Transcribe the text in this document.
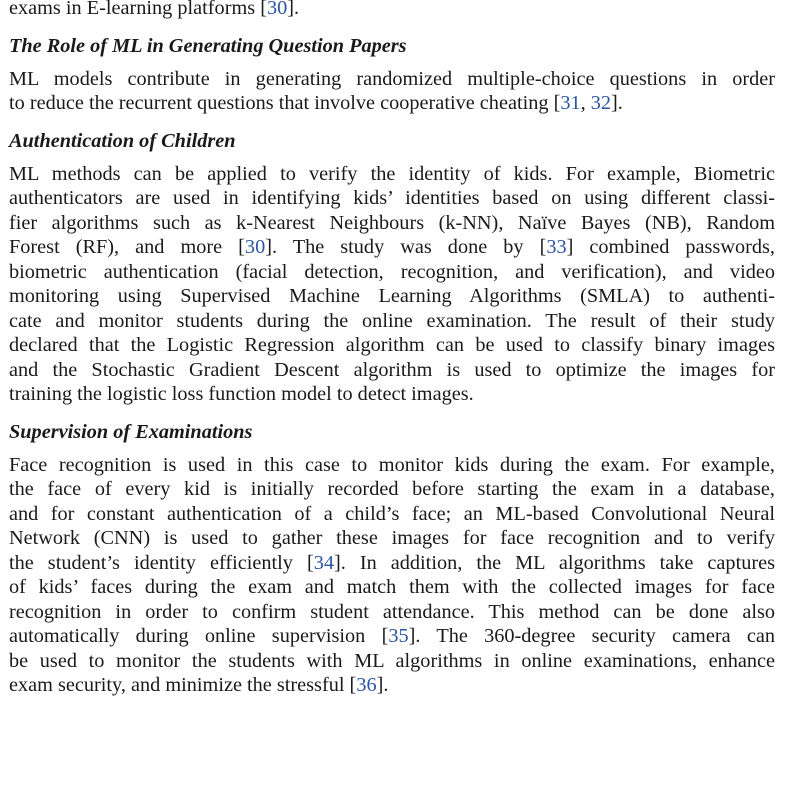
exams in E-learning platforms [30].
The Role of ML in Generating Question Papers
ML models contribute in generating randomized multiple-choice questions in order
to reduce the recurrent questions that involve cooperative cheating [31, 32].
Authentication of Children
ML methods can be applied to verify the identity of kids. For example, Biometric
authenticators are used in identifying kids’ identities based on using different classi-
fier algorithms such as k-Nearest Neighbours (k-NN), Naïve Bayes (NB), Random
Forest (RF), and more [30]. The study was done by [33] combined passwords,
biometric authentication (facial detection, recognition, and verification), and video
monitoring using Supervised Machine Learning Algorithms (SMLA) to authenti-
cate and monitor students during the online examination. The result of their study
declared that the Logistic Regression algorithm can be used to classify binary images
and the Stochastic Gradient Descent algorithm is used to optimize the images for
training the logistic loss function model to detect images.
Supervision of Examinations
Face recognition is used in this case to monitor kids during the exam. For example,
the face of every kid is initially recorded before starting the exam in a database,
and for constant authentication of a child’s face; an ML-based Convolutional Neural
Network (CNN) is used to gather these images for face recognition and to verify
the student’s identity efficiently [34]. In addition, the ML algorithms take captures
of kids’ faces during the exam and match them with the collected images for face
recognition in order to confirm student attendance. This method can be done also
automatically during online supervision [35]. The 360-degree security camera can
be used to monitor the students with ML algorithms in online examinations, enhance
exam security, and minimize the stressful [36].
